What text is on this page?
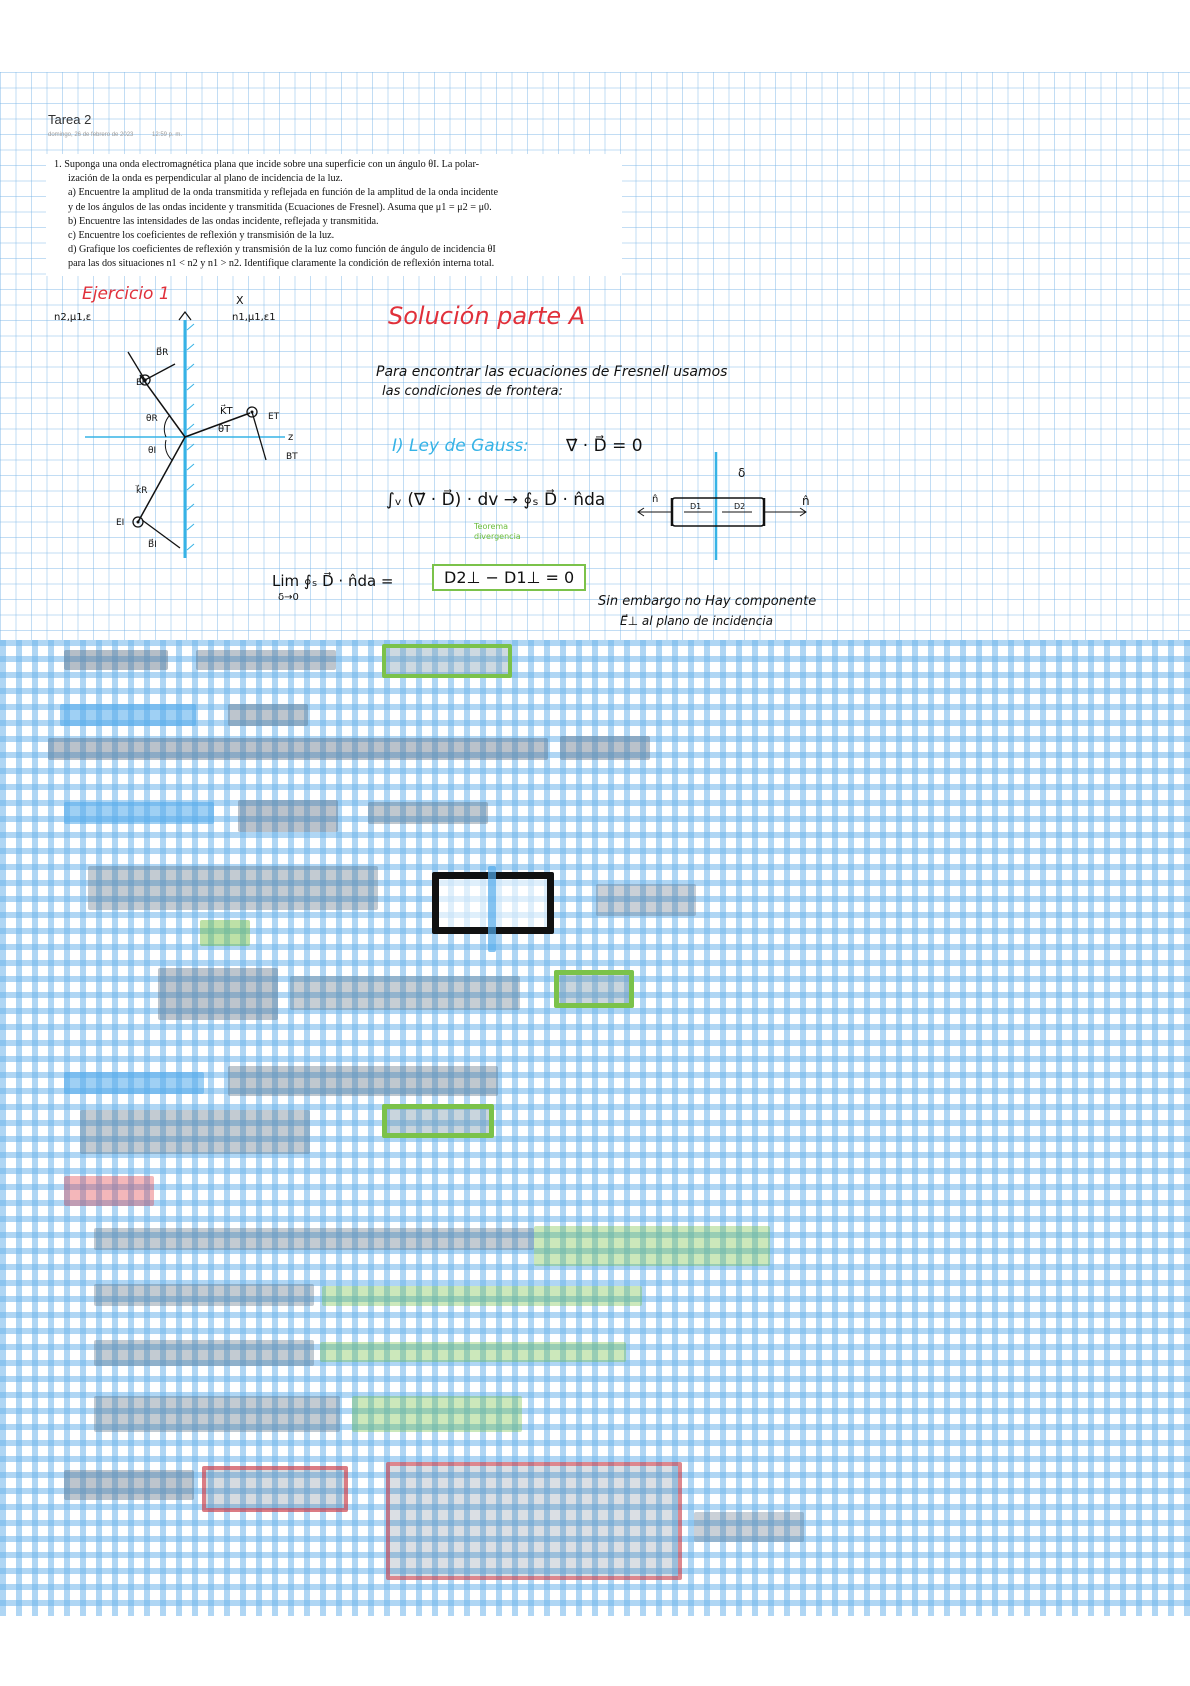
Tarea 2
domingo, 26 de febrero de 2023	12:59 p. m.
1. Suponga una onda electromagnética plana que incide sobre una superficie con un ángulo θI. La polar-
ización de la onda es perpendicular al plano de incidencia de la luz.
a) Encuentre la amplitud de la onda transmitida y reflejada en función de la amplitud de la onda incidente
y de los ángulos de las ondas incidente y transmitida (Ecuaciones de Fresnel). Asuma que μ1 = μ2 = μ0.
b) Encuentre las intensidades de las ondas incidente, reflejada y transmitida.
c) Encuentre los coeficientes de reflexión y transmisión de la luz.
d) Grafique los coeficientes de reflexión y transmisión de la luz como función de ángulo de incidencia θI
para las dos situaciones n1 < n2 y n1 > n2. Identifique claramente la condición de reflexión interna total.
Ejercicio 1
n2,μ1,ε	n1,μ1,ε1
X
z
K⃗T	ET
BT
θT
θR
θI
B⃗R
ER
k⃗R
EI
B⃗I
Solución parte A
Para encontrar las ecuaciones de Fresnell usamos
las condiciones de frontera:
I) Ley de Gauss: ∇⃗ · D⃗ = 0
∫ᵥ (∇⃗ · D⃗) · dv → ∮ₛ D⃗ · n̂da
Teorema
divergencia
δ
D1	D2
n̂	n̂
Lim ∮ₛ D⃗ · n̂da =
δ→0
D2⊥ − D1⊥ = 0
Sin embargo no Hay componente
E⃗⊥ al plano de incidencia
